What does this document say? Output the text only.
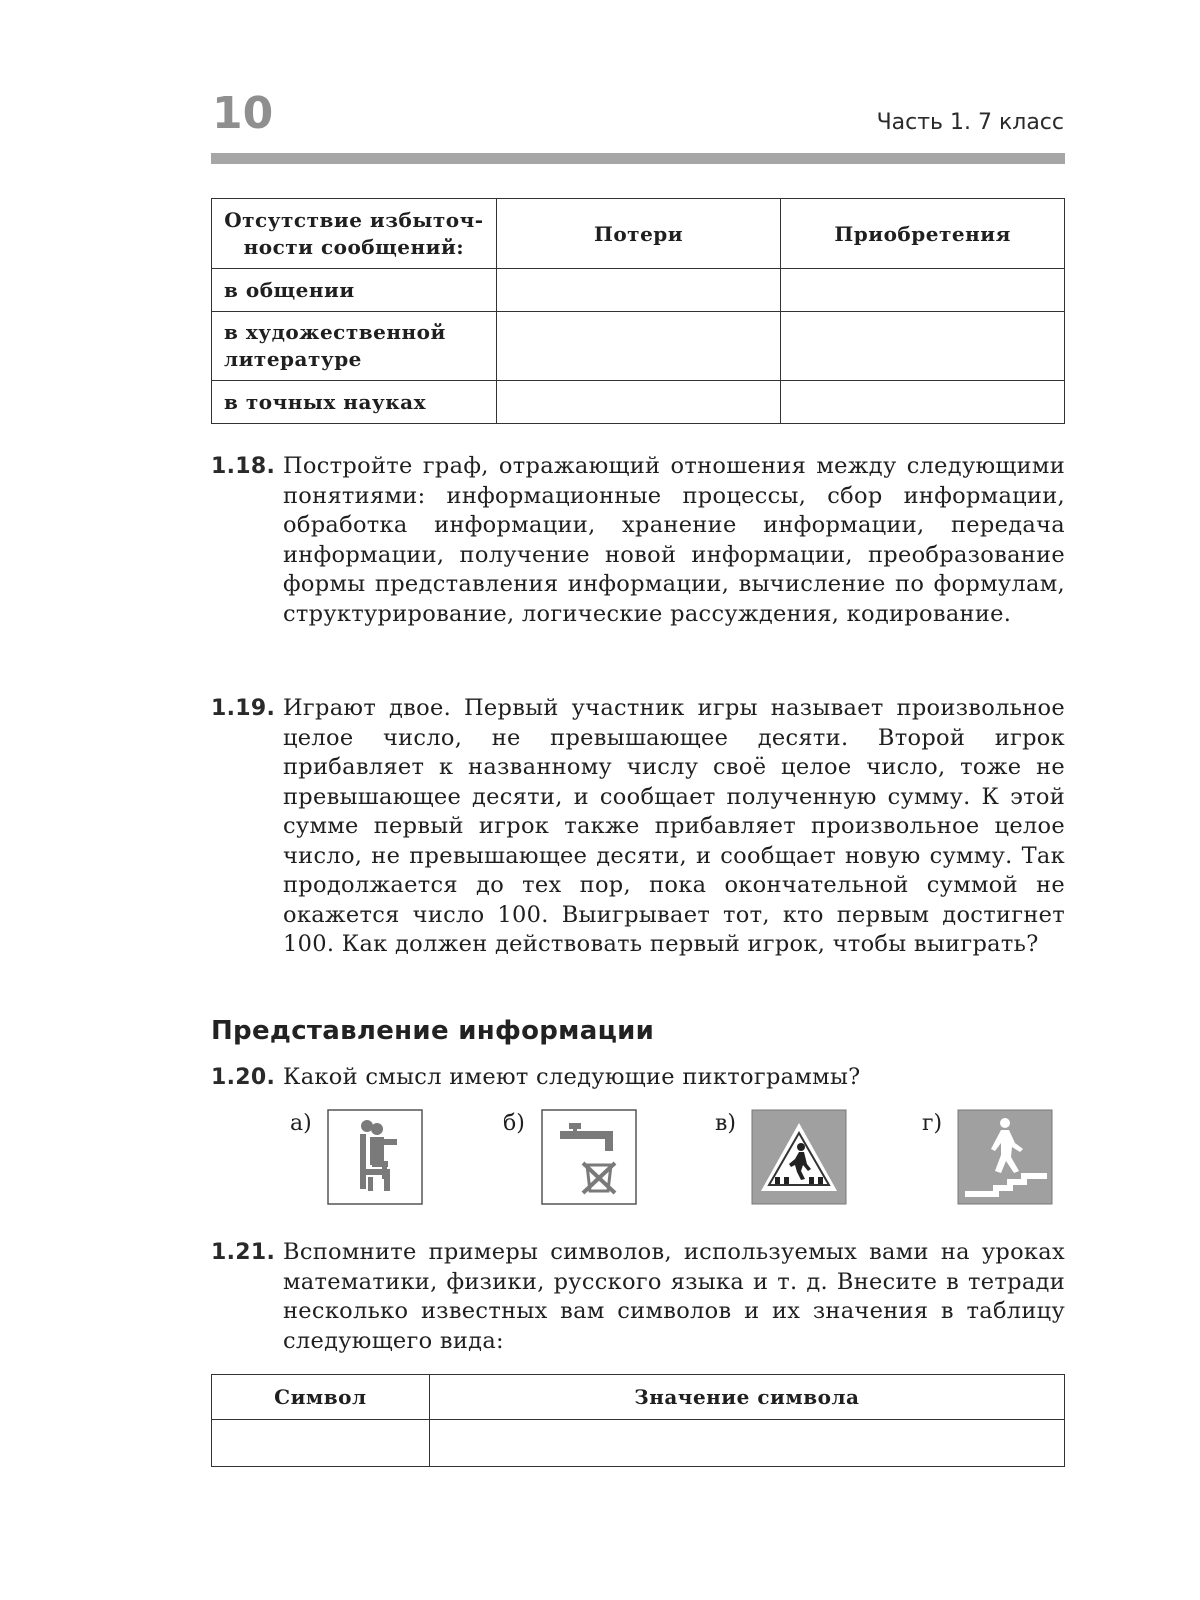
10	Часть 1. 7 класс
Отсутствие избыточ-
ности сообщений:	Потери	Приобретения
в общении		
в художественной литературе		
в точных науках		
1.18. Постройте граф, отражающий отношения между следующими понятиями: информационные процессы, сбор информации, обработка информации, хранение информации, передача информации, получение новой информации, преобразование формы представления информации, вычисление по формулам, структурирование, логические рассуждения, кодирование.
1.19. Играют двое. Первый участник игры называет произвольное целое число, не превышающее десяти. Второй игрок прибавляет к названному числу своё целое число, тоже не превышающее десяти, и сообщает полученную сумму. К этой сумме первый игрок также прибавляет произвольное целое число, не превышающее десяти, и сообщает новую сумму. Так продолжается до тех пор, пока окончательной суммой не окажется число 100. Выигрывает тот, кто первым достигнет 100. Как должен действовать первый игрок, чтобы выиграть?
Представление информации
1.20. Какой смысл имеют следующие пиктограммы?
а)	б)	в)	г)
1.21. Вспомните примеры символов, используемых вами на уроках математики, физики, русского языка и т. д. Внесите в тетради несколько известных вам символов и их значения в таблицу следующего вида:
Символ	Значение символа
